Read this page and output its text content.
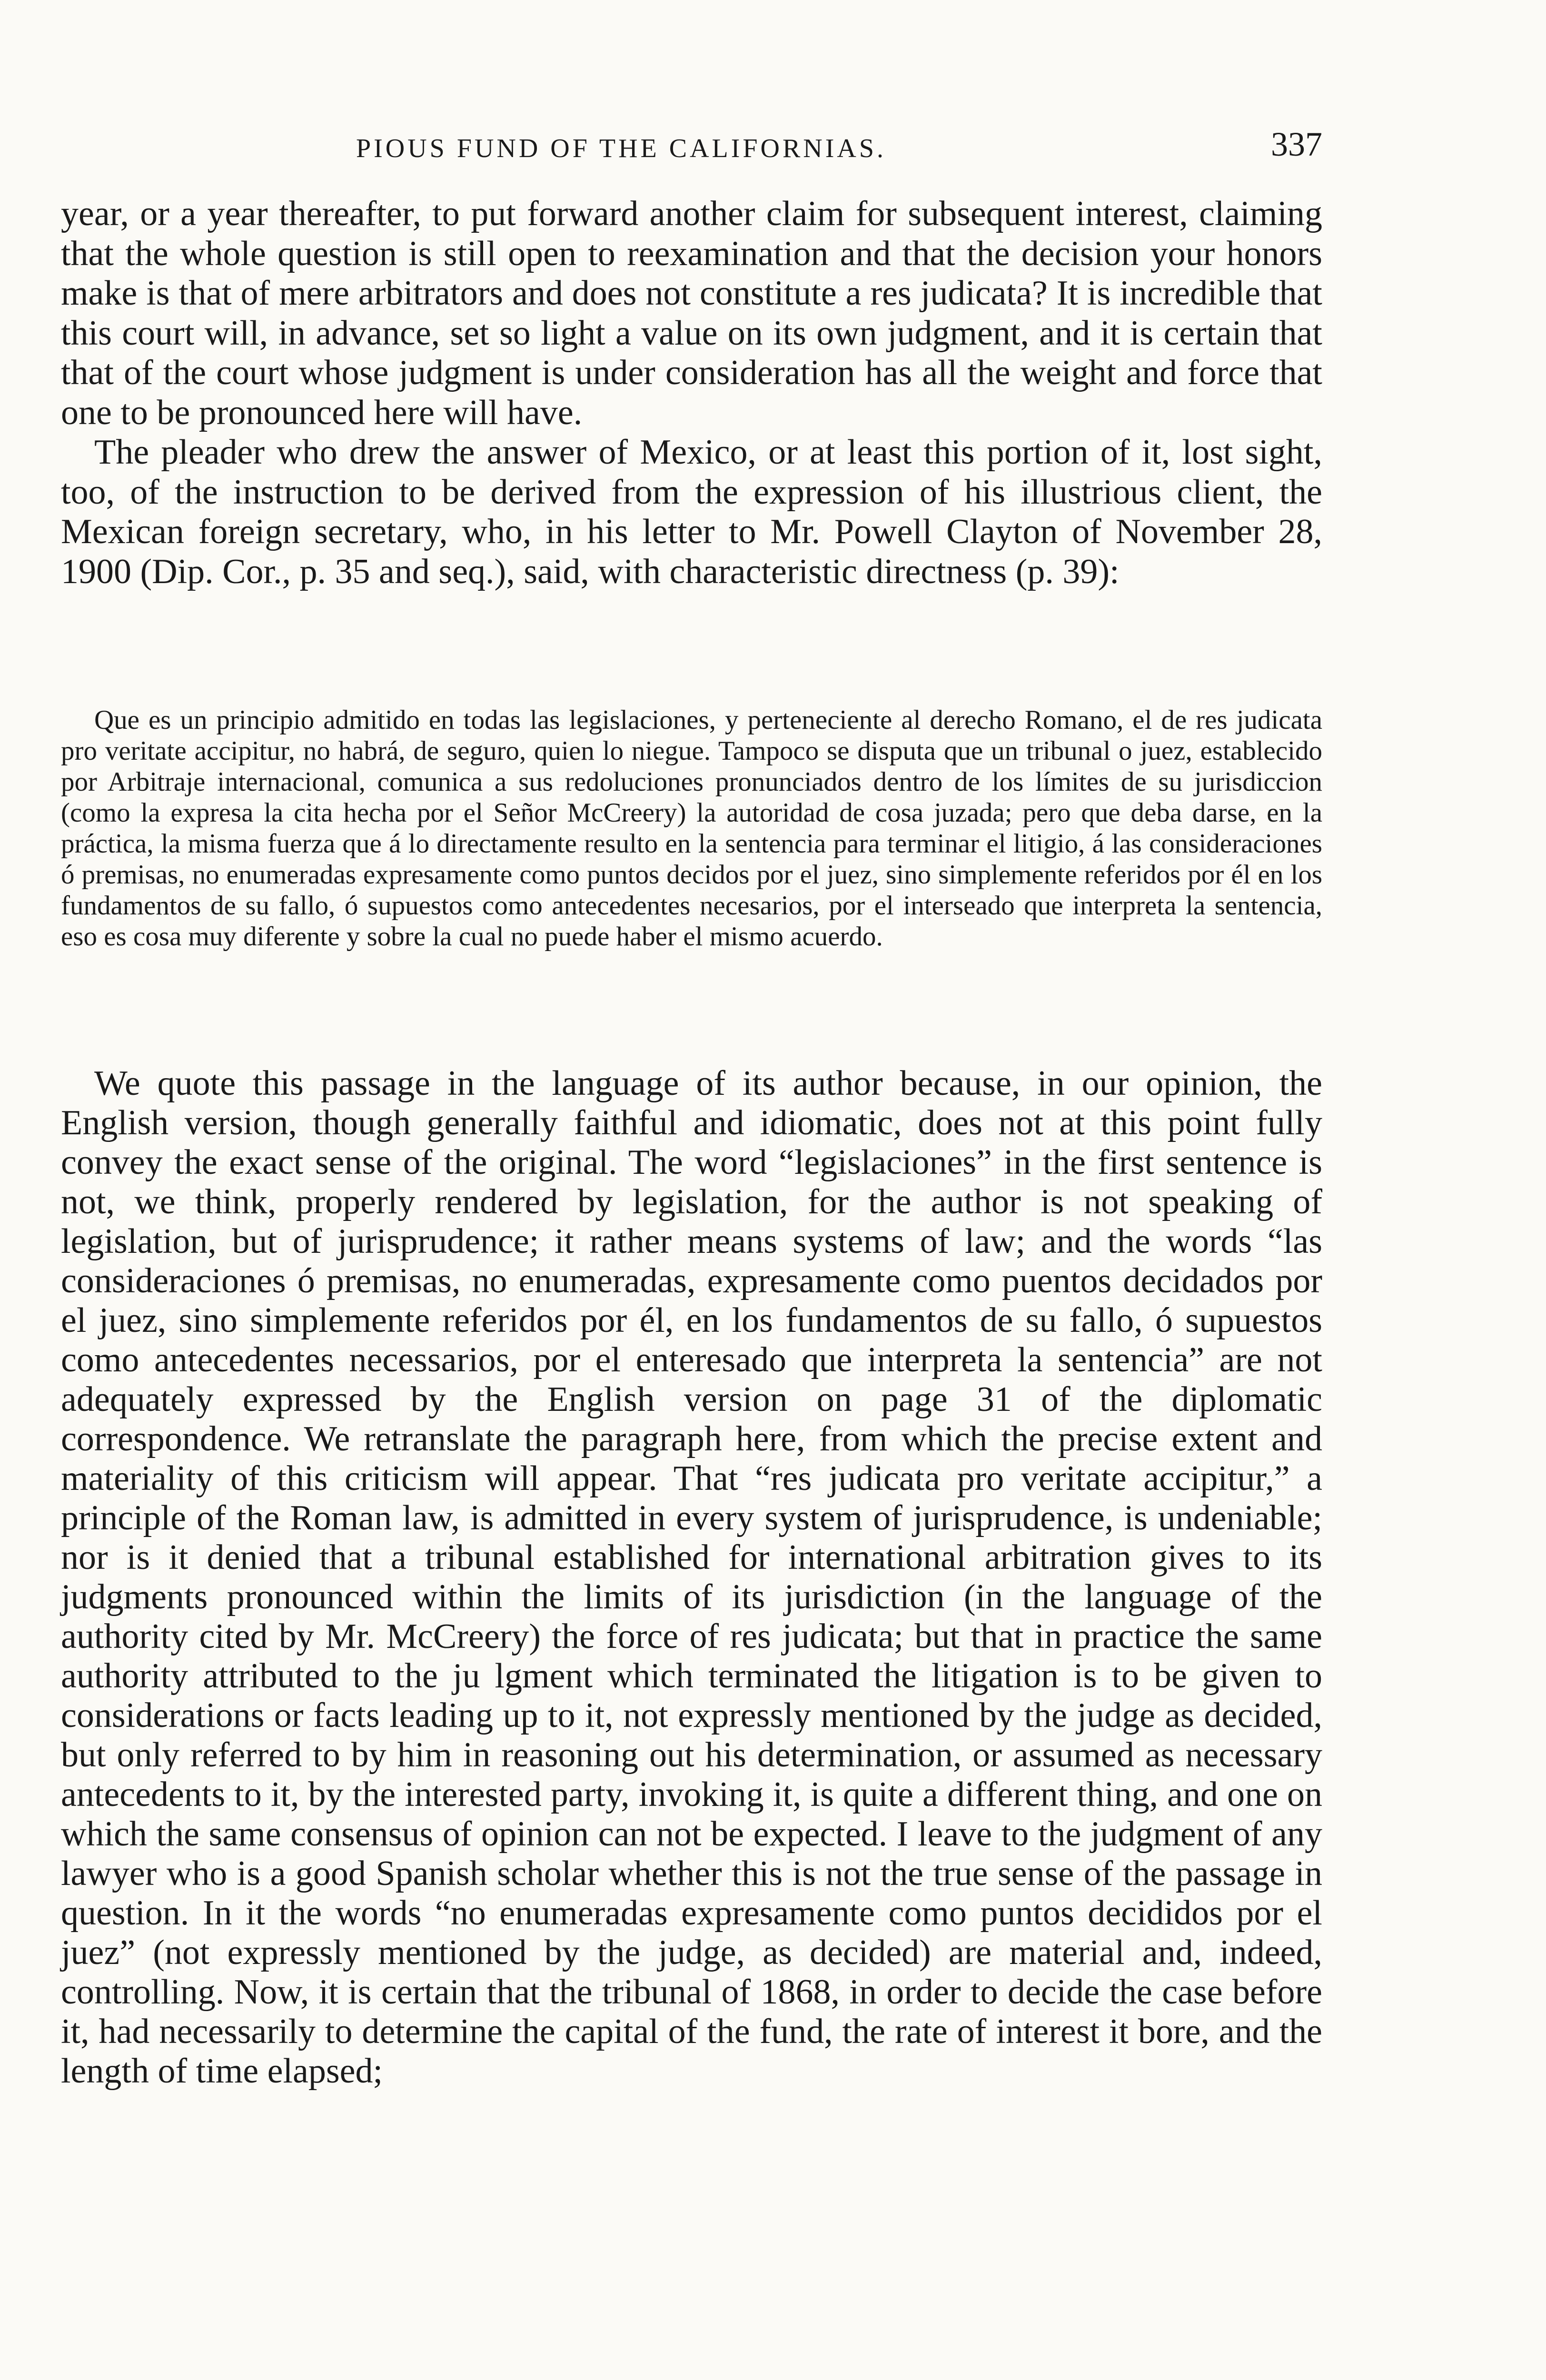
PIOUS FUND OF THE CALIFORNIAS.	337

year, or a year thereafter, to put forward another claim for subsequent interest, claiming that the whole question is still open to reexamination and that the decision your honors make is that of mere arbitrators and does not constitute a res judicata? It is incredible that this court will, in advance, set so light a value on its own judgment, and it is certain that that of the court whose judgment is under consideration has all the weight and force that one to be pronounced here will have.

The pleader who drew the answer of Mexico, or at least this portion of it, lost sight, too, of the instruction to be derived from the expression of his illustrious client, the Mexican foreign secretary, who, in his letter to Mr. Powell Clayton of November 28, 1900 (Dip. Cor., p. 35 and seq.), said, with characteristic directness (p. 39):

Que es un principio admitido en todas las legislaciones, y perteneciente al derecho Romano, el de res judicata pro veritate accipitur, no habrá, de seguro, quien lo niegue. Tampoco se disputa que un tribunal o juez, establecido por Arbitraje internacional, comunica a sus redoluciones pronunciados dentro de los límites de su jurisdiccion (como la expresa la cita hecha por el Señor McCreery) la autoridad de cosa juzada; pero que deba darse, en la práctica, la misma fuerza que á lo directamente resulto en la sentencia para terminar el litigio, á las consideraciones ó premisas, no enumeradas expresamente como puntos decidos por el juez, sino simplemente referidos por él en los fundamentos de su fallo, ó supuestos como antecedentes necesarios, por el interseado que interpreta la sentencia, eso es cosa muy diferente y sobre la cual no puede haber el mismo acuerdo.

We quote this passage in the language of its author because, in our opinion, the English version, though generally faithful and idiomatic, does not at this point fully convey the exact sense of the original. The word “legislaciones” in the first sentence is not, we think, properly rendered by legislation, for the author is not speaking of legislation, but of jurisprudence; it rather means systems of law; and the words “las consideraciones ó premisas, no enumeradas, expresamente como puentos decidados por el juez, sino simplemente referidos por él, en los fundamentos de su fallo, ó supuestos como antecedentes necessarios, por el enteresado que interpreta la sentencia” are not adequately expressed by the English version on page 31 of the diplomatic correspondence. We retranslate the paragraph here, from which the precise extent and materiality of this criticism will appear. That “res judicata pro veritate accipitur,” a principle of the Roman law, is admitted in every system of jurisprudence, is undeniable; nor is it denied that a tribunal established for international arbitration gives to its judgments pronounced within the limits of its jurisdiction (in the language of the authority cited by Mr. McCreery) the force of res judicata; but that in practice the same authority attributed to the ju lgment which terminated the litigation is to be given to considerations or facts leading up to it, not expressly mentioned by the judge as decided, but only referred to by him in reasoning out his determination, or assumed as necessary antecedents to it, by the interested party, invoking it, is quite a different thing, and one on which the same consensus of opinion can not be expected. I leave to the judgment of any lawyer who is a good Spanish scholar whether this is not the true sense of the passage in question. In it the words “no enumeradas expresamente como puntos decididos por el juez” (not expressly mentioned by the judge, as decided) are material and, indeed, controlling. Now, it is certain that the tribunal of 1868, in order to decide the case before it, had necessarily to determine the capital of the fund, the rate of interest it bore, and the length of time elapsed;
